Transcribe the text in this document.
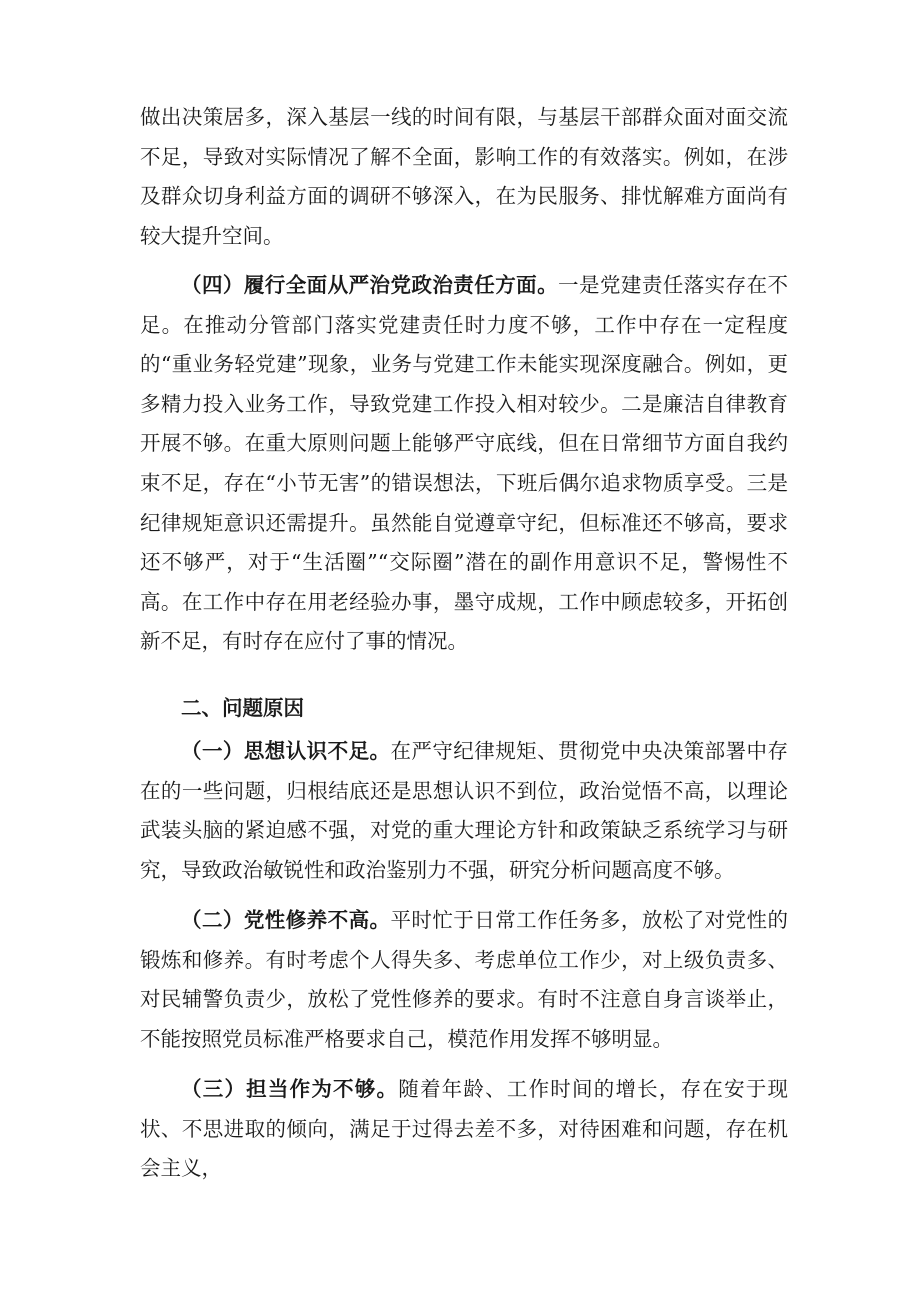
做出决策居多，深入基层一线的时间有限，与基层干部群众面对面交流不足，导致对实际情况了解不全面，影响工作的有效落实。例如，在涉及群众切身利益方面的调研不够深入，在为民服务、排忧解难方面尚有较大提升空间。

（四）履行全面从严治党政治责任方面。一是党建责任落实存在不足。在推动分管部门落实党建责任时力度不够，工作中存在一定程度的“重业务轻党建”现象，业务与党建工作未能实现深度融合。例如，更多精力投入业务工作，导致党建工作投入相对较少。二是廉洁自律教育开展不够。在重大原则问题上能够严守底线，但在日常细节方面自我约束不足，存在“小节无害”的错误想法，下班后偶尔追求物质享受。三是纪律规矩意识还需提升。虽然能自觉遵章守纪，但标准还不够高，要求还不够严，对于“生活圈”“交际圈”潜在的副作用意识不足，警惕性不高。在工作中存在用老经验办事，墨守成规，工作中顾虑较多，开拓创新不足，有时存在应付了事的情况。

二、问题原因

（一）思想认识不足。在严守纪律规矩、贯彻党中央决策部署中存在的一些问题，归根结底还是思想认识不到位，政治觉悟不高，以理论武装头脑的紧迫感不强，对党的重大理论方针和政策缺乏系统学习与研究，导致政治敏锐性和政治鉴别力不强，研究分析问题高度不够。

（二）党性修养不高。平时忙于日常工作任务多，放松了对党性的锻炼和修养。有时考虑个人得失多、考虑单位工作少，对上级负责多、对民辅警负责少，放松了党性修养的要求。有时不注意自身言谈举止，不能按照党员标准严格要求自己，模范作用发挥不够明显。

（三）担当作为不够。随着年龄、工作时间的增长，存在安于现状、不思进取的倾向，满足于过得去差不多，对待困难和问题，存在机会主义，
